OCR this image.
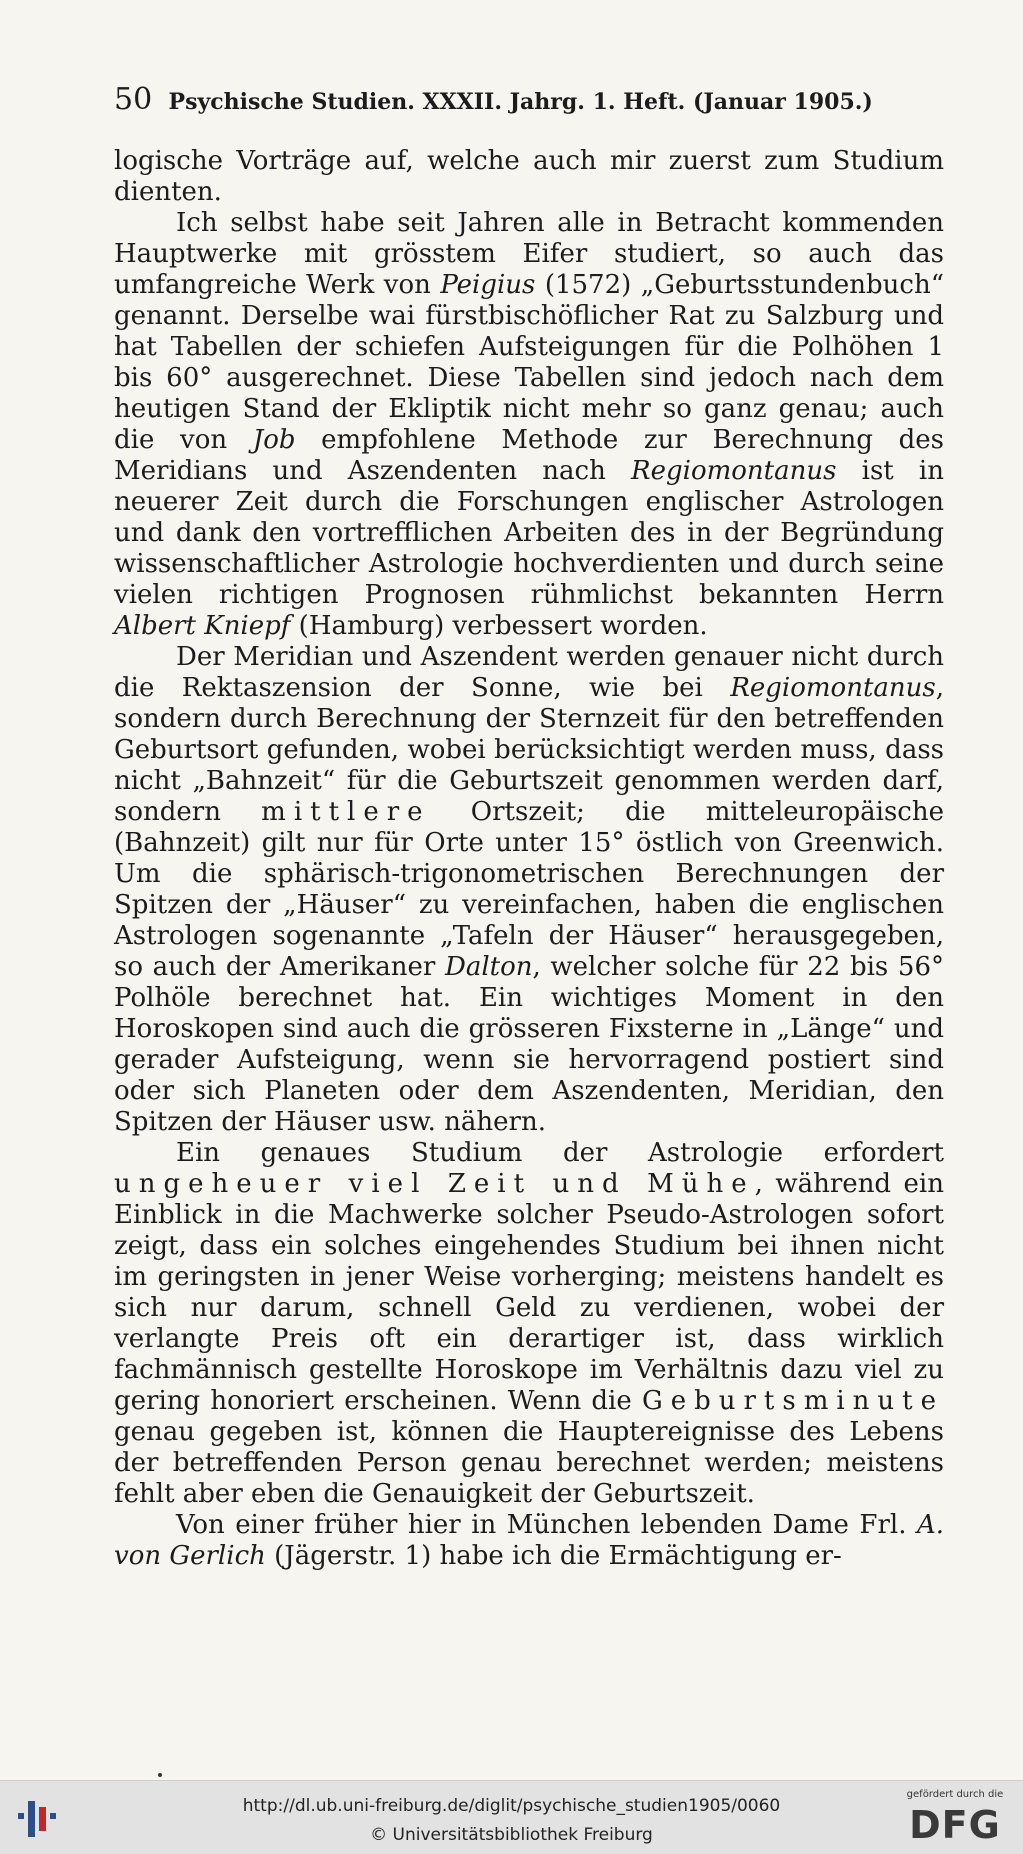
50 Psychische Studien. XXXII. Jahrg. 1. Heft. (Januar 1905.)

logische Vorträge auf, welche auch mir zuerst zum Studium dienten.

Ich selbst habe seit Jahren alle in Betracht kommenden Hauptwerke mit grösstem Eifer studiert, so auch das umfangreiche Werk von Peigius (1572) „Geburtsstundenbuch“ genannt. Derselbe wai fürstbischöflicher Rat zu Salzburg und hat Tabellen der schiefen Aufsteigungen für die Polhöhen 1 bis 60° ausgerechnet. Diese Tabellen sind jedoch nach dem heutigen Stand der Ekliptik nicht mehr so ganz genau; auch die von Job empfohlene Methode zur Berechnung des Meridians und Aszendenten nach Regiomontanus ist in neuerer Zeit durch die Forschungen englischer Astrologen und dank den vortrefflichen Arbeiten des in der Begründung wissenschaftlicher Astrologie hochverdienten und durch seine vielen richtigen Prognosen rühmlichst bekannten Herrn Albert Kniepf (Hamburg) verbessert worden.

Der Meridian und Aszendent werden genauer nicht durch die Rektaszension der Sonne, wie bei Regiomontanus, sondern durch Berechnung der Sternzeit für den betreffenden Geburtsort gefunden, wobei berücksichtigt werden muss, dass nicht „Bahnzeit“ für die Geburtszeit genommen werden darf, sondern mittlere Ortszeit; die mitteleuropäische (Bahnzeit) gilt nur für Orte unter 15° östlich von Greenwich. Um die sphärisch-trigonometrischen Berechnungen der Spitzen der „Häuser“ zu vereinfachen, haben die englischen Astrologen sogenannte „Tafeln der Häuser“ herausgegeben, so auch der Amerikaner Dalton, welcher solche für 22 bis 56° Polhöle berechnet hat. Ein wichtiges Moment in den Horoskopen sind auch die grösseren Fixsterne in „Länge“ und gerader Aufsteigung, wenn sie hervorragend postiert sind oder sich Planeten oder dem Aszendenten, Meridian, den Spitzen der Häuser usw. nähern.

Ein genaues Studium der Astrologie erfordert ungeheuer viel Zeit und Mühe, während ein Einblick in die Machwerke solcher Pseudo-Astrologen sofort zeigt, dass ein solches eingehendes Studium bei ihnen nicht im geringsten in jener Weise vorherging; meistens handelt es sich nur darum, schnell Geld zu verdienen, wobei der verlangte Preis oft ein derartiger ist, dass wirklich fachmännisch gestellte Horoskope im Verhältnis dazu viel zu gering honoriert erscheinen. Wenn die Geburtsminute genau gegeben ist, können die Hauptereignisse des Lebens der betreffenden Person genau berechnet werden; meistens fehlt aber eben die Genauigkeit der Geburtszeit.

Von einer früher hier in München lebenden Dame Frl. A. von Gerlich (Jägerstr. 1) habe ich die Ermächtigung er-

http://dl.ub.uni-freiburg.de/diglit/psychische_studien1905/0060
© Universitätsbibliothek Freiburg
gefördert durch die
DFG
